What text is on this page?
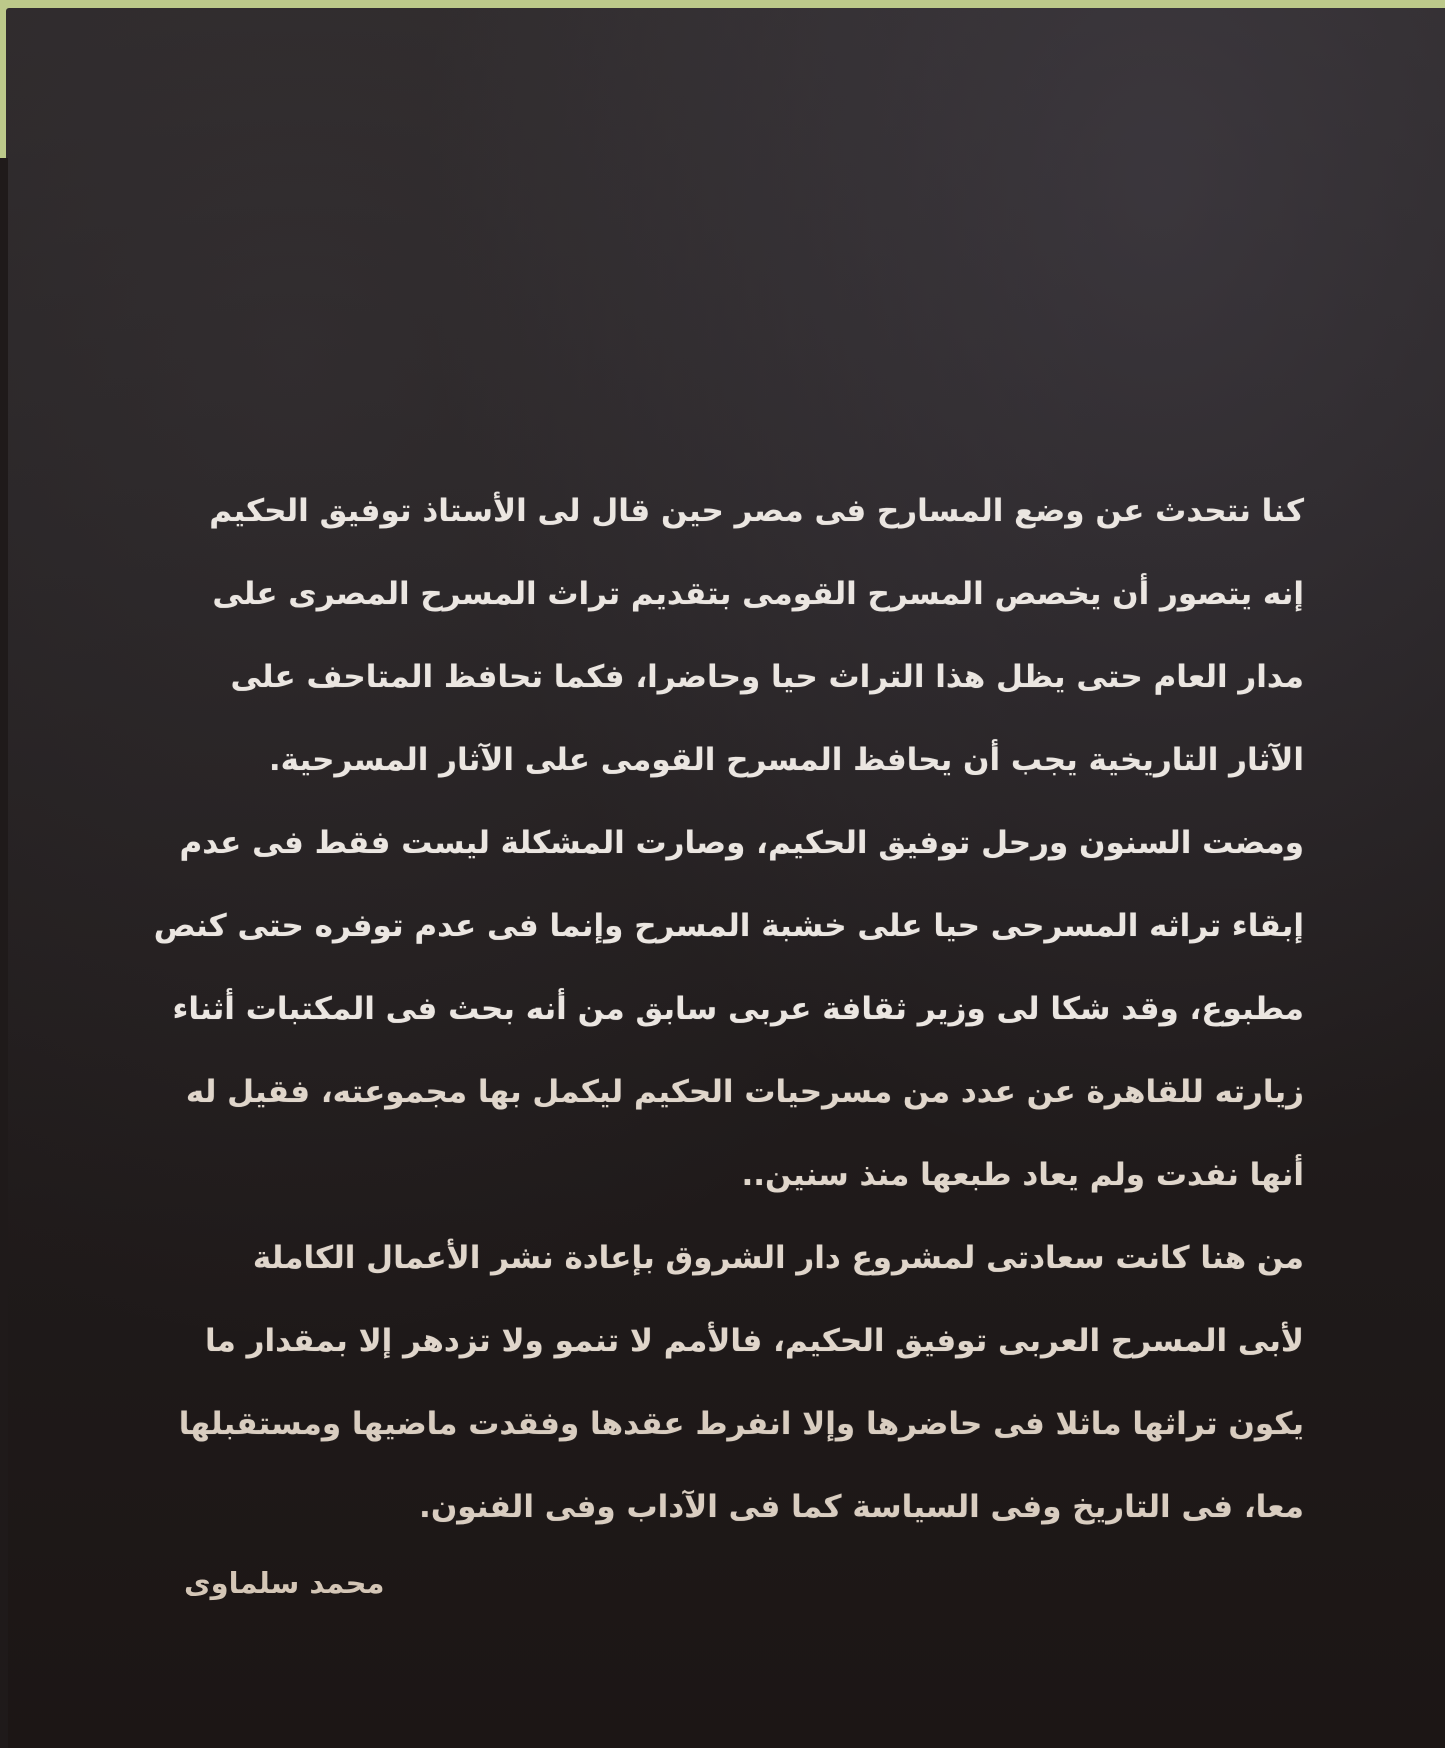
كنا نتحدث عن وضع المسارح فى مصر حين قال لى الأستاذ توفيق الحكيم
إنه يتصور أن يخصص المسرح القومى بتقديم تراث المسرح المصرى على
مدار العام حتى يظل هذا التراث حيا وحاضرا، فكما تحافظ المتاحف على
الآثار التاريخية يجب أن يحافظ المسرح القومى على الآثار المسرحية.
ومضت السنون ورحل توفيق الحكيم، وصارت المشكلة ليست فقط فى عدم
إبقاء تراثه المسرحى حيا على خشبة المسرح وإنما فى عدم توفره حتى كنص
مطبوع، وقد شكا لى وزير ثقافة عربى سابق من أنه بحث فى المكتبات أثناء
زيارته للقاهرة عن عدد من مسرحيات الحكيم ليكمل بها مجموعته، فقيل له
أنها نفدت ولم يعاد طبعها منذ سنين..
من هنا كانت سعادتى لمشروع دار الشروق بإعادة نشر الأعمال الكاملة
لأبى المسرح العربى توفيق الحكيم، فالأمم لا تنمو ولا تزدهر إلا بمقدار ما
يكون تراثها ماثلا فى حاضرها وإلا انفرط عقدها وفقدت ماضيها ومستقبلها
معا، فى التاريخ وفى السياسة كما فى الآداب وفى الفنون.
محمد سلماوى
